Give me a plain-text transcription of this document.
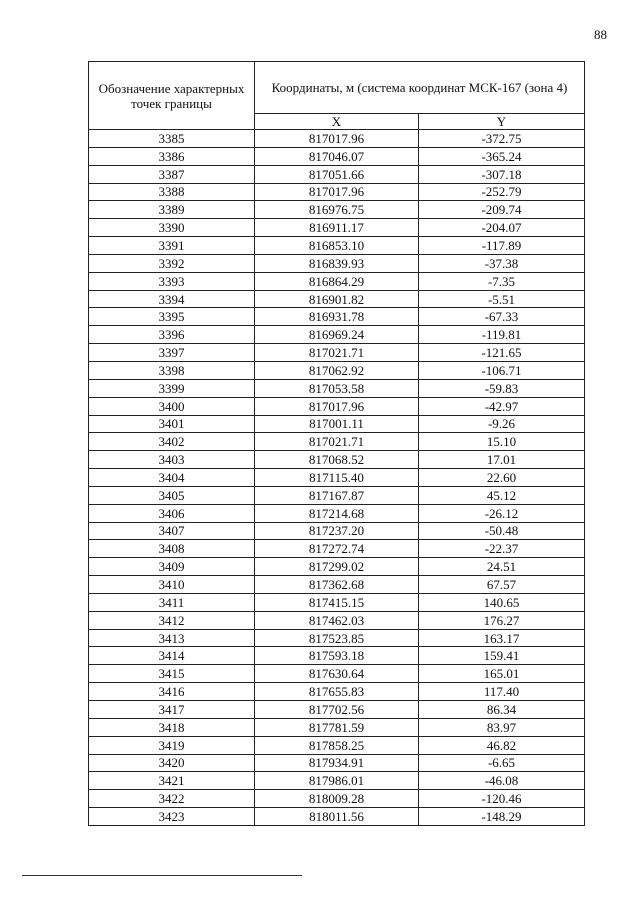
88
Обозначение характерных точек границы	Координаты, м (система координат МСК-167 (зона 4)	
	X	Y
3385	817017.96	-372.75
3386	817046.07	-365.24
3387	817051.66	-307.18
3388	817017.96	-252.79
3389	816976.75	-209.74
3390	816911.17	-204.07
3391	816853.10	-117.89
3392	816839.93	-37.38
3393	816864.29	-7.35
3394	816901.82	-5.51
3395	816931.78	-67.33
3396	816969.24	-119.81
3397	817021.71	-121.65
3398	817062.92	-106.71
3399	817053.58	-59.83
3400	817017.96	-42.97
3401	817001.11	-9.26
3402	817021.71	15.10
3403	817068.52	17.01
3404	817115.40	22.60
3405	817167.87	45.12
3406	817214.68	-26.12
3407	817237.20	-50.48
3408	817272.74	-22.37
3409	817299.02	24.51
3410	817362.68	67.57
3411	817415.15	140.65
3412	817462.03	176.27
3413	817523.85	163.17
3414	817593.18	159.41
3415	817630.64	165.01
3416	817655.83	117.40
3417	817702.56	86.34
3418	817781.59	83.97
3419	817858.25	46.82
3420	817934.91	-6.65
3421	817986.01	-46.08
3422	818009.28	-120.46
3423	818011.56	-148.29
